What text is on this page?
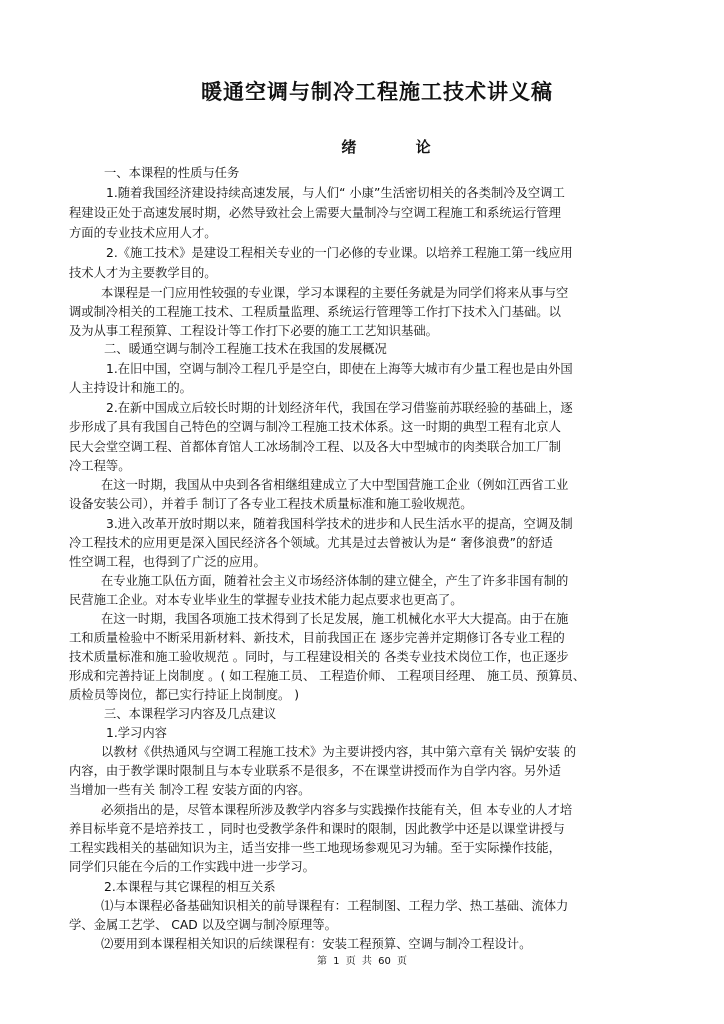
暖通空调与制冷工程施工技术讲义稿
绪 论
一、本课程的性质与任务
1.随着我国经济建设持续高速发展，与人们“ 小康”生活密切相关的各类制冷及空调工
程建设正处于高速发展时期，必然导致社会上需要大量制冷与空调工程施工和系统运行管理
方面的专业技术应用人才。
2.《施工技术》是建设工程相关专业的一门必修的专业课。以培养工程施工第一线应用
技术人才为主要教学目的。
本课程是一门应用性较强的专业课，学习本课程的主要任务就是为同学们将来从事与空
调或制冷相关的工程施工技术、工程质量监理、系统运行管理等工作打下技术入门基础。以
及为从事工程预算、工程设计等工作打下必要的施工工艺知识基础。
二、暖通空调与制冷工程施工技术在我国的发展概况
1.在旧中国，空调与制冷工程几乎是空白，即使在上海等大城市有少量工程也是由外国
人主持设计和施工的。
2.在新中国成立后较长时期的计划经济年代，我国在学习借鉴前苏联经验的基础上，逐
步形成了具有我国自己特色的空调与制冷工程施工技术体系。这一时期的典型工程有北京人
民大会堂空调工程、首都体育馆人工冰场制冷工程、以及各大中型城市的肉类联合加工厂制
冷工程等。
在这一时期，我国从中央到各省相继组建成立了大中型国营施工企业（例如江西省工业
设备安装公司），并着手 制订了各专业工程技术质量标准和施工验收规范。
3.进入改革开放时期以来，随着我国科学技术的进步和人民生活水平的提高，空调及制
冷工程技术的应用更是深入国民经济各个领域。尤其是过去曾被认为是“ 奢侈浪费”的舒适
性空调工程，也得到了广泛的应用。
在专业施工队伍方面，随着社会主义市场经济体制的建立健全，产生了许多非国有制的
民营施工企业。对本专业毕业生的掌握专业技术能力起点要求也更高了。
在这一时期，我国各项施工技术得到了长足发展，施工机械化水平大大提高。由于在施
工和质量检验中不断采用新材料、新技术，目前我国正在 逐步完善并定期修订各专业工程的
技术质量标准和施工验收规范 。同时，与工程建设相关的 各类专业技术岗位工作，也正逐步
形成和完善持证上岗制度 。( 如工程施工员、 工程造价师、 工程项目经理、 施工员、预算员、
质检员等岗位，都已实行持证上岗制度。 )
三、本课程学习内容及几点建议
1.学习内容
以教材《供热通风与空调工程施工技术》为主要讲授内容，其中第六章有关 锅炉安装 的
内容，由于教学课时限制且与本专业联系不是很多，不在课堂讲授而作为自学内容。另外适
当增加一些有关 制冷工程 安装方面的内容。
必须指出的是，尽管本课程所涉及教学内容多与实践操作技能有关，但 本专业的人才培
养目标毕竟不是培养技工 ，同时也受教学条件和课时的限制，因此教学中还是以课堂讲授与
工程实践相关的基础知识为主，适当安排一些工地现场参观见习为辅。至于实际操作技能，
同学们只能在今后的工作实践中进一步学习。
2.本课程与其它课程的相互关系
⑴与本课程必备基础知识相关的前导课程有：工程制图、工程力学、热工基础、流体力
学、金属工艺学、 CAD 以及空调与制冷原理等。
⑵要用到本课程相关知识的后续课程有：安装工程预算、空调与制冷工程设计。
第 1 页 共 60 页
